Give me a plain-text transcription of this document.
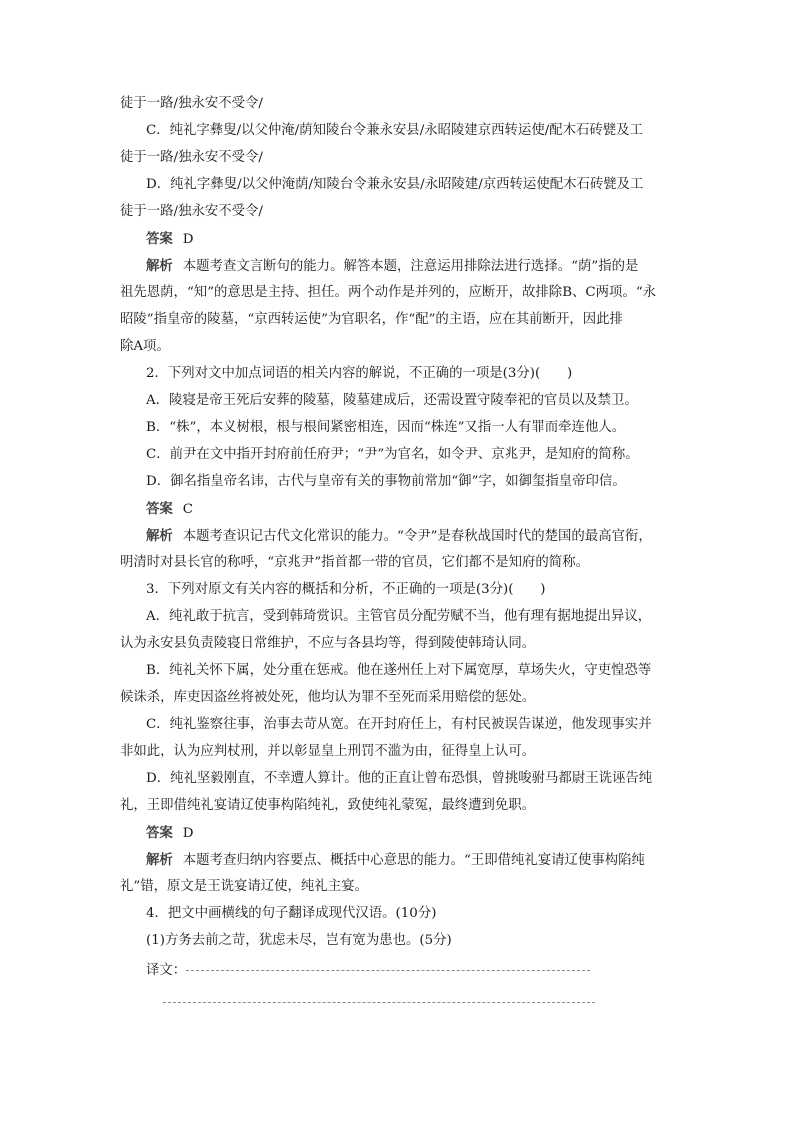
徒于一路/独永安不受令/
C．纯礼字彝叟/以父仲淹/荫知陵台令兼永安县/永昭陵建京西转运使/配木石砖甓及工
徒于一路/独永安不受令/
D．纯礼字彝叟/以父仲淹荫/知陵台令兼永安县/永昭陵建/京西转运使配木石砖甓及工
徒于一路/独永安不受令/
答案 D
解析 本题考查文言断句的能力。解答本题，注意运用排除法进行选择。“荫”指的是
祖先恩荫，“知”的意思是主持、担任。两个动作是并列的，应断开，故排除B、C两项。“永
昭陵”指皇帝的陵墓，“京西转运使”为官职名，作“配”的主语，应在其前断开，因此排
除A项。
2．下列对文中加点词语的相关内容的解说，不正确的一项是(3分)(　　)
A．陵寝是帝王死后安葬的陵墓，陵墓建成后，还需设置守陵奉祀的官员以及禁卫。
B．“株”，本义树根，根与根间紧密相连，因而“株连”又指一人有罪而牵连他人。
C．前尹在文中指开封府前任府尹；“尹”为官名，如令尹、京兆尹，是知府的简称。
D．御名指皇帝名讳，古代与皇帝有关的事物前常加“御”字，如御玺指皇帝印信。
答案 C
解析 本题考查识记古代文化常识的能力。“令尹”是春秋战国时代的楚国的最高官衔，
明清时对县长官的称呼，“京兆尹”指首都一带的官员，它们都不是知府的简称。
3．下列对原文有关内容的概括和分析，不正确的一项是(3分)(　　)
A．纯礼敢于抗言，受到韩琦赏识。主管官员分配劳赋不当，他有理有据地提出异议，
认为永安县负责陵寝日常维护，不应与各县均等，得到陵使韩琦认同。
B．纯礼关怀下属，处分重在惩戒。他在遂州任上对下属宽厚，草场失火，守吏惶恐等
候诛杀，库吏因盗丝将被处死，他均认为罪不至死而采用赔偿的惩处。
C．纯礼鉴察往事，治事去苛从宽。在开封府任上，有村民被误告谋逆，他发现事实并
非如此，认为应判杖刑，并以彰显皇上刑罚不滥为由，征得皇上认可。
D．纯礼坚毅刚直，不幸遭人算计。他的正直让曾布恐惧，曾挑唆驸马都尉王诜诬告纯
礼，王即借纯礼宴请辽使事构陷纯礼，致使纯礼蒙冤，最终遭到免职。
答案 D
解析 本题考查归纳内容要点、概括中心意思的能力。“王即借纯礼宴请辽使事构陷纯
礼”错，原文是王诜宴请辽使，纯礼主宴。
4．把文中画横线的句子翻译成现代汉语。(10分)
(1)方务去前之苛，犹虑未尽，岂有宽为患也。(5分)
译文：
